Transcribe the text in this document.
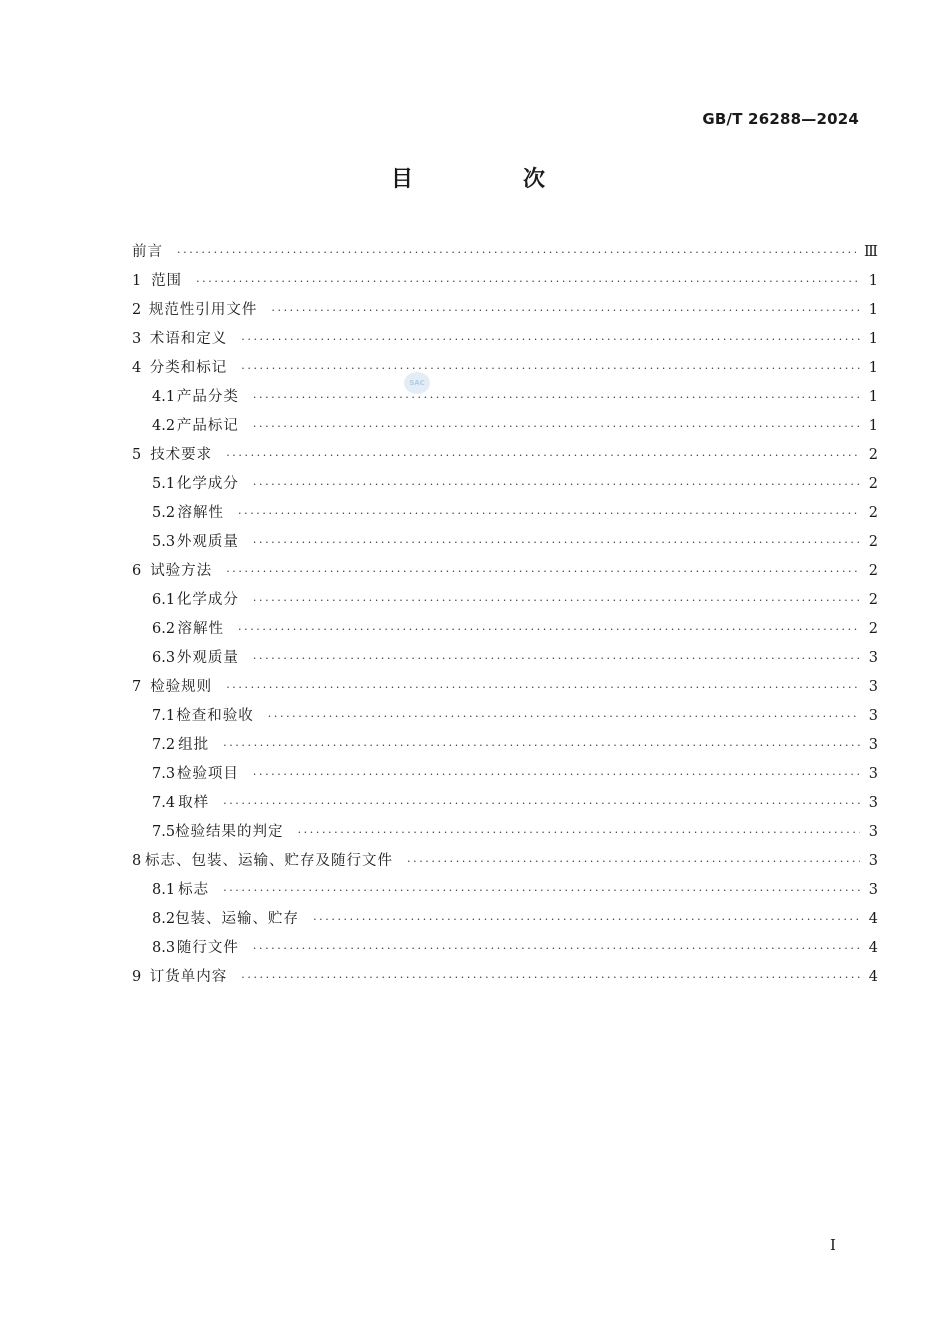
GB/T 26288—2024
目　次
SAC
前言 ·····	Ⅲ
1 范围 ·····	1
2 规范性引用文件 ·····	1
3 术语和定义 ·····	1
4 分类和标记 ·····	1
4.1 产品分类 ·····	1
4.2 产品标记 ·····	1
5 技术要求 ·····	2
5.1 化学成分 ·····	2
5.2 溶解性 ·····	2
5.3 外观质量 ·····	2
6 试验方法 ·····	2
6.1 化学成分 ·····	2
6.2 溶解性 ·····	2
6.3 外观质量 ·····	3
7 检验规则 ·····	3
7.1 检查和验收 ·····	3
7.2 组批 ·····	3
7.3 检验项目 ·····	3
7.4 取样 ·····	3
7.5 检验结果的判定 ·····	3
8 标志、包装、运输、贮存及随行文件 ·····	3
8.1 标志 ·····	3
8.2 包装、运输、贮存 ·····	4
8.3 随行文件 ·····	4
9 订货单内容 ·····	4
I
